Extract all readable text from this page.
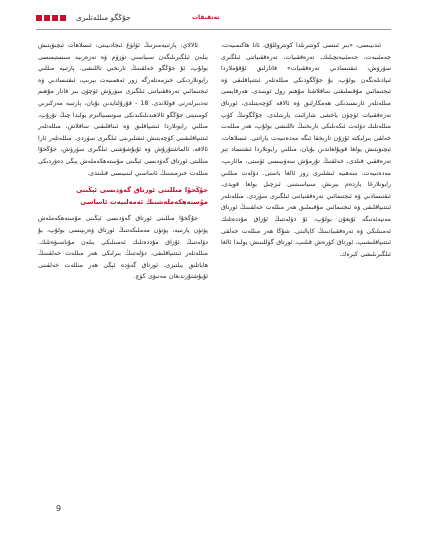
جۇڭگو مىللەتلىرى	تەتقىقات

ئىدىيىسى، «بىر ئىنسى كونتىرىلدا كونتروللۇق، ئانا ھاكىمىيەت، جەمئىيەت، جەمئىيەتچىلىك، تەرەققىيات، تەرەققىياتنى ئىلگىرى سۈرۈش، ئىقتىسادىي تەرەققىيات» قاتارلىق ئۇقۇملاردا ئىپادىلەنگەن بولۇپ، بۇ جۇڭگودىكى مىللەتلەر ئىتتىپاقلىقى ۋە ئىجتىمائىي مۇقىملىقنى ساقلاشتا مۇھىم رول ئوينىدى. ھەرقايسى مىللەتلەر ئارىسىدىكى ھەمكارلىق ۋە ئالاقە كۈچەيتىلدى، ئورتاق تەرەققىيات ئۈچۈن ياخشى شارائىت يارىتىلدى. جۇڭگونىڭ كۆپ مىللەتلىك دۆلەت ئىكەنلىكى تارىخنىڭ تاللىشى بولۇپ، ھەر مىللەت خەلقى بىرلىكتە ئۇزۇن تارىخقا ئىگە مەدەنىيەت ياراتتى. ئىسلاھات، ئېچىۋېتىش يولغا قويۇلغاندىن بۇيان، مىللىي رايونلاردا ئىقتىساد تېز تەرەققىي قىلدى، خەلقنىڭ تۇرمۇش سەۋىيىسى ئۆستى، مائارىپ، مەدەنىيەت، سەھىيە ئىشلىرى زور ئالغا باستى. دۆلەت مىللىي رايونلارغا ياردەم بېرىش سىياسىتىنى ئىزچىل يولغا قويدى، ئىقتىسادىي ۋە ئىجتىمائىي تەرەققىياتنى ئىلگىرى سۈردى. مىللەتلەر ئىتتىپاقلىقى ۋە ئىجتىمائىي مۇقىملىق ھەر مىللەت خەلقىنىڭ ئورتاق مەنپەئەتىگە ئۇيغۇن بولۇپ، ئۇ دۆلەتنىڭ ئۇزاق مۇددەتلىك ئەمىنلىكى ۋە تەرەققىياتىنىڭ كاپالىتى. شۇڭا ھەر مىللەت خەلقى ئىتتىپاقلىشىپ، ئورتاق كۈرەش قىلىپ، ئورتاق گۈللىنىش يولىدا ئالغا ئىلگىرىلىشى كېرەك.

ئالالاي، پارتىيەمىزنىڭ ئۆلۈغ ئىجادىيىتى، ئىسلاھات ئېچىۋېتىش بىلەن ئىلگىرىلىگەن سىياسىي تۈزۈم ۋە نەزەرىيە سىستېمىسى بولۇپ، ئۇ جۇڭگو خەلقىنىڭ تارىخىي تاللىشى. پارتىيە مىللىي رايونلاردىكى خىزمەتلەرگە زور ئەھمىيەت بېرىپ، ئىقتىسادىي ۋە ئىجتىمائىي تەرەققىياتنى ئىلگىرى سۈرۈش ئۈچۈن بىر قاتار مۇھىم تەدبىرلەرنى قوللاندى. 18 - قۇرۇلتايدىن بۇيان، پارتىيە مەركىزىي كومىتېتى جۇڭگو ئالاھىدىلىكىدىكى سوتسىيالىزم يولىدا چىڭ تۇرۇپ، مىللىي رايونلاردا ئىتتىپاقلىق ۋە ئىناقلىقنى ساقلاش، مىللەتلەر ئىتتىپاقلىقىنى كۈچەيتىش ئىشلىرىنى ئىلگىرى سۈردى. مىللەتلەر ئارا ئالاقە، ئالماشتۇرۇش ۋە ئۇيۇشۇشنى ئىلگىرى سۈرۈش، جۇڭخۇا مىللىتى ئورتاق گەۋدىسى ئېڭىنى مۇستەھكەملەش يېڭى دەۋردىكى مىللەت خىزمىتىنىڭ ئاساسىي لىنىيىسى قىلىندى.

جۇڭخۇا مىللىتى ئورتاق گەۋدىسى ئېڭىنى مۇستەھكەملەشنىڭ ئەمەلىيەت ئاساسى

جۇڭخۇا مىللىتى ئورتاق گەۋدىسى ئېڭىنى مۇستەھكەملەش پۈتۈن پارتىيە، پۈتۈن مەملىكەتنىڭ ئورتاق ۋەزىپىسى بولۇپ، بۇ دۆلەتنىڭ ئۇزاق مۇددەتلىك ئەمىنلىكى بىلەن مۇناسىۋەتلىك. مىللەتلەر ئىتتىپاقلىقى، دۆلەتنىڭ بىرلىكى ھەر مىللەت خەلقىنىڭ ھاياتلىق يىلتىزى. ئورتاق گەۋدە ئېڭى ھەر مىللەت خەلقىنى ئۇيۇشتۇرىدىغان مەنىۋى كۈچ.

9
